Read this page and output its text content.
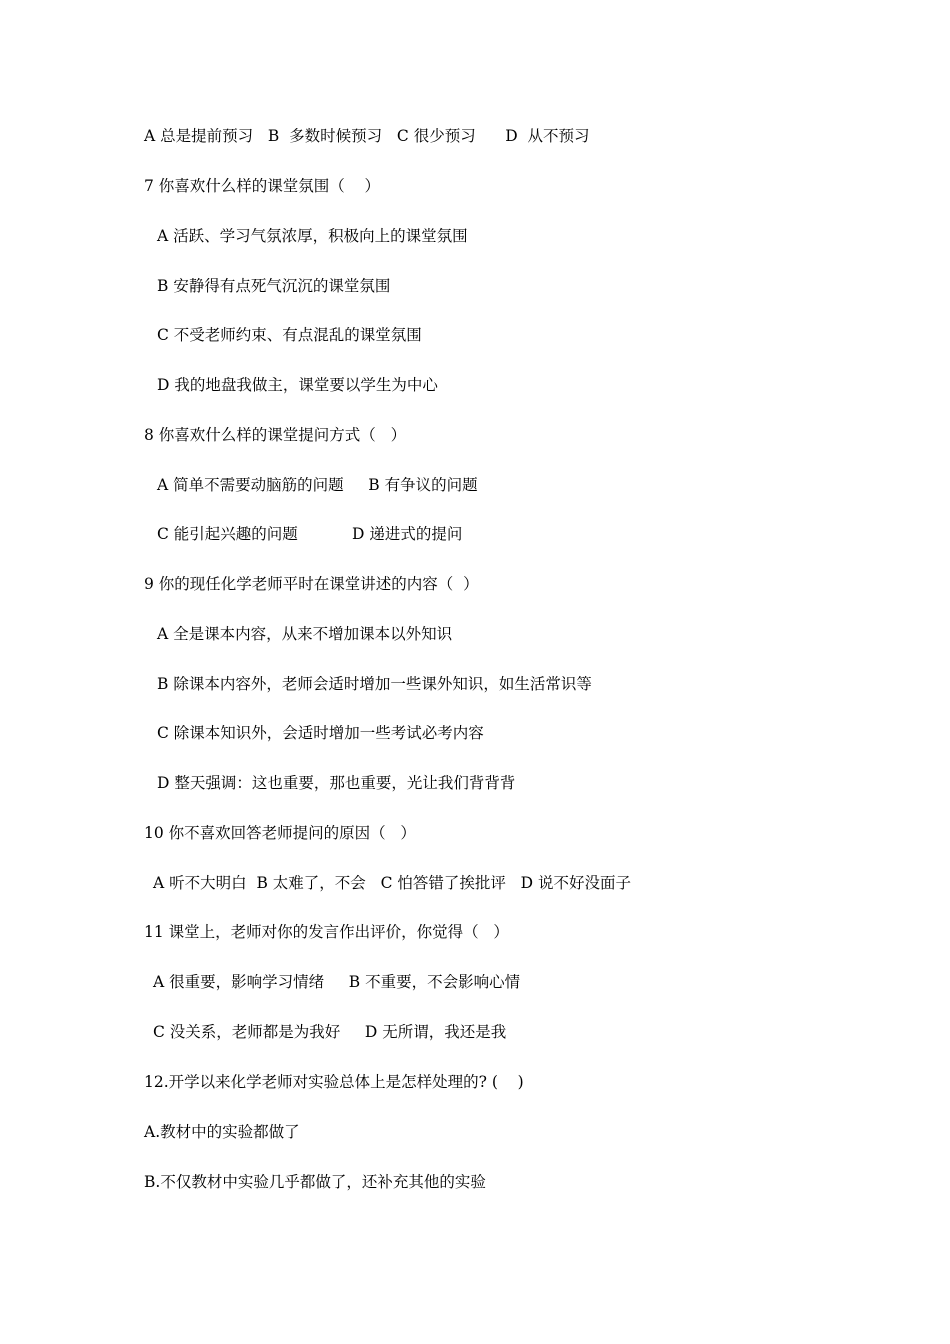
A 总是提前预习   B  多数时候预习   C 很少预习      D  从不预习
7 你喜欢什么样的课堂氛围（    ）
A 活跃、学习气氛浓厚，积极向上的课堂氛围
B 安静得有点死气沉沉的课堂氛围
C 不受老师约束、有点混乱的课堂氛围
D 我的地盘我做主，课堂要以学生为中心
8 你喜欢什么样的课堂提问方式（   ）
A 简单不需要动脑筋的问题     B 有争议的问题
C 能引起兴趣的问题           D 递进式的提问
9 你的现任化学老师平时在课堂讲述的内容（  ）
A 全是课本内容，从来不增加课本以外知识
B 除课本内容外，老师会适时增加一些课外知识，如生活常识等
C 除课本知识外，会适时增加一些考试必考内容
D 整天强调：这也重要，那也重要，光让我们背背背
10 你不喜欢回答老师提问的原因（   ）
A 听不大明白  B 太难了，不会   C 怕答错了挨批评   D 说不好没面子
11 课堂上，老师对你的发言作出评价，你觉得（   ）
A 很重要，影响学习情绪     B 不重要，不会影响心情
C 没关系，老师都是为我好     D 无所谓，我还是我
12.开学以来化学老师对实验总体上是怎样处理的? (    )
A.教材中的实验都做了
B.不仅教材中实验几乎都做了，还补充其他的实验
